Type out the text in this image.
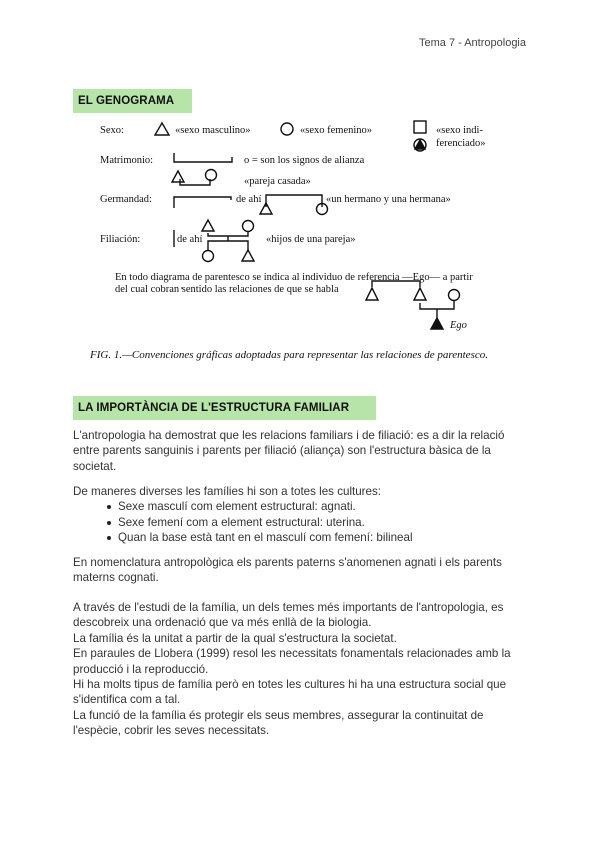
Tema 7 - Antropologia
EL GENOGRAMA
Sexo:	«sexo masculino»	«sexo femenino»	«sexo indi-
ferenciado»
Matrimonio:	o = son los signos de alianza
«pareja casada»
Germandad:	de ahí	«un hermano y una hermana»
Filiación:	de ahí	«hijos de una pareja»
En todo diagrama de parentesco se indica al individuo de referencia —Ego— a partir
del cual cobran sentido las relaciones de que se habla
Ego
FIG. 1.—Convenciones gráficas adoptadas para representar las relaciones de parentesco.
LA IMPORTÀNCIA DE L'ESTRUCTURA FAMILIAR

L'antropologia ha demostrat que les relacions familiars i de filiació: es a dir la relació entre parents sanguinis i parents per filiació (aliança) son l'estructura bàsica de la societat.

De maneres diverses les famílies hi son a totes les cultures:

Sexe masculí com element estructural: agnati.
Sexe femení com a element estructural: uterina.
Quan la base està tant en el masculí com femení: bilineal

En nomenclatura antropològica els parents paterns s'anomenen agnati i els parents materns cognati.

A través de l'estudi de la família, un dels temes més importants de l'antropologia, es descobreix una ordenació que va més enllà de la biologia.

La família és la unitat a partir de la qual s'estructura la societat.

En paraules de Llobera (1999) resol les necessitats fonamentals relacionades amb la producció i la reproducció.

Hi ha molts tipus de família però en totes les cultures hi ha una estructura social que s'identifica com a tal.

La funció de la família és protegir els seus membres, assegurar la continuitat de l'espècie, cobrir les seves necessitats.
